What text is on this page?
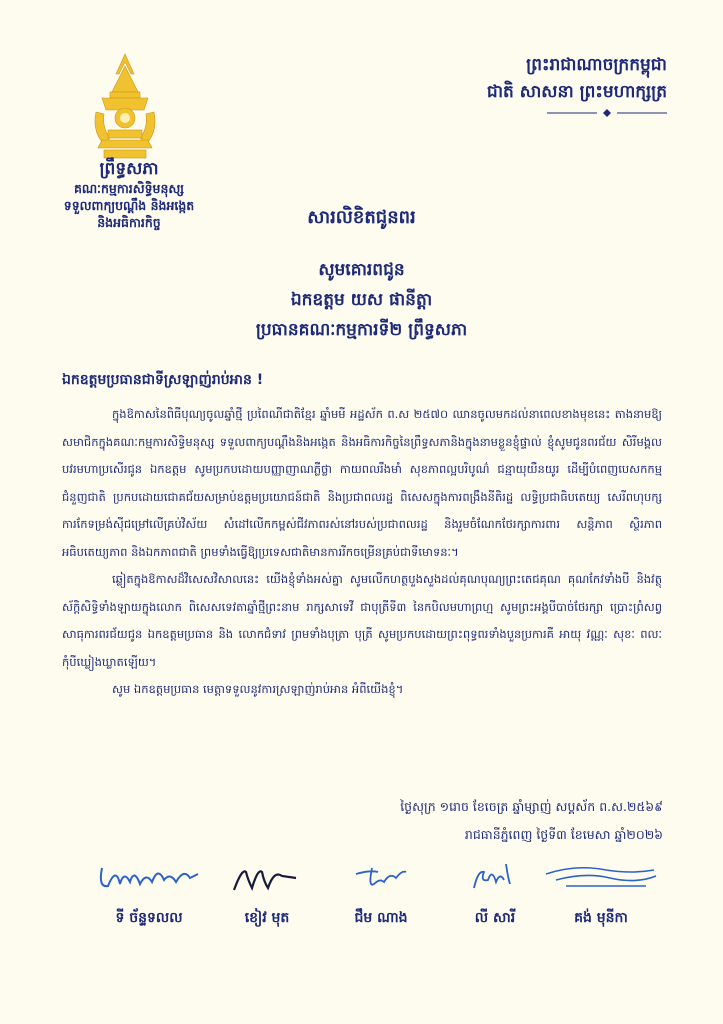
ព្រះរាជាណាចក្រកម្ពុជា
ជាតិ សាសនា ព្រះមហាក្សត្រ
ព្រឹទ្ធសភា
គណៈកម្មការសិទ្ធិមនុស្ស
ទទួលពាក្យបណ្ដឹង និងអង្កេត
និងអធិការកិច្ច	សារលិខិតជូនពរ
សូមគោរពជូន
ឯកឧត្តម យស ផានីត្តា
ប្រធានគណៈកម្មការទី២ ព្រឹទ្ធសភា
ឯកឧត្តមប្រធានជាទីស្រឡាញ់រាប់អាន !

ក្នុងឱកាសនៃពិធីបុណ្យចូលឆ្នាំថ្មី ប្រពៃណីជាតិខ្មែរ ឆ្នាំមមី អដ្ឋស័ក ព.ស ២៥៧០ ឈានចូលមកដល់នាពេលខាងមុខនេះ តាងនាមឱ្យសមាជិកក្នុងគណៈកម្មការសិទ្ធិមនុស្ស ទទួលពាក្យបណ្ដឹងនិងអង្កេត និងអធិការកិច្ចនៃព្រឹទ្ធសភានិងក្នុងនាមខ្លួនខ្ញុំផ្ទាល់ ខ្ញុំសូមជូនពរជ័យ សិរីមង្គល បវរមហាប្រសើរជូន ឯកឧត្តម សូមប្រកបដោយបញ្ញាញាណភ្លឺថ្លា កាយពលរឹងមាំ សុខភាពល្អបរិបូណ៌ ជន្មាយុយឺនយូរ ដើម្បីបំពេញបេសកកម្មជំនួញជាតិ ប្រកបដោយជោគជ័យសម្រាប់ឧត្ដមប្រយោជន៍ជាតិ និងប្រជាពលរដ្ឋ ពិសេសក្នុងការពង្រឹងនីតិរដ្ឋ លទ្ធិប្រជាធិបតេយ្យ សេរីពហុបក្ស ការកែទម្រង់ស៊ីជម្រៅលើគ្រប់វិស័យ សំដៅលើកកម្ពស់ជីវភាពរស់នៅរបស់ប្រជាពលរដ្ឋ និងរួមចំណែកថែរក្សាការពារ សន្តិភាព ស្ថិរភាព អធិបតេយ្យភាព និងឯកភាពជាតិ ព្រមទាំងធ្វើឱ្យប្រទេសជាតិមានការរីកចម្រើនគ្រប់ជាទីមោទនៈ។

ឆ្លៀតក្នុងឱកាសដ៏វិសេសវិសាលនេះ យើងខ្ញុំទាំងអស់គ្នា សូមលើកហត្ថបួងសួងដល់គុណបុណ្យព្រះតេជគុណ គុណកែវទាំងបី និងវត្ថុស័ក្ដិសិទ្ធិទាំងឡាយក្នុងលោក ពិសេសទេវតាឆ្នាំថ្មីព្រះនាម រាក្សសាទេវី ជាបុត្រីទី៣ នៃកបិលមហាព្រហ្ម សូមព្រះអង្គបីបាច់ថែរក្សា ប្រោះព្រំសព្វសាធុការពរជ័យជូន ឯកឧត្តមប្រធាន និង លោកជំទាវ ព្រមទាំងបុត្រា បុត្រី សូមប្រកបដោយព្រះពុទ្ធពរទាំងបួនប្រការគឺ អាយុ វណ្ណៈ សុខៈ ពលៈ កុំបីឃ្លៀងឃ្លាតឡើយ។

សូម ឯកឧត្តមប្រធាន មេត្តាទទួលនូវការស្រឡាញ់រាប់អាន អំពីយើងខ្ញុំ។

ថ្ងៃសុក្រ ១រោច ខែចេត្រ ឆ្នាំម្សាញ់ សប្តស័ក ព.ស.២៥៦៩
រាជធានីភ្នំពេញ ថ្ងៃទី៣ ខែមេសា ឆ្នាំ២០២៦
ទី ច័ន្ទទលល	ខៀវ មុត	ជឹម ណាង	លី សារី	គង់ មុនីកា
